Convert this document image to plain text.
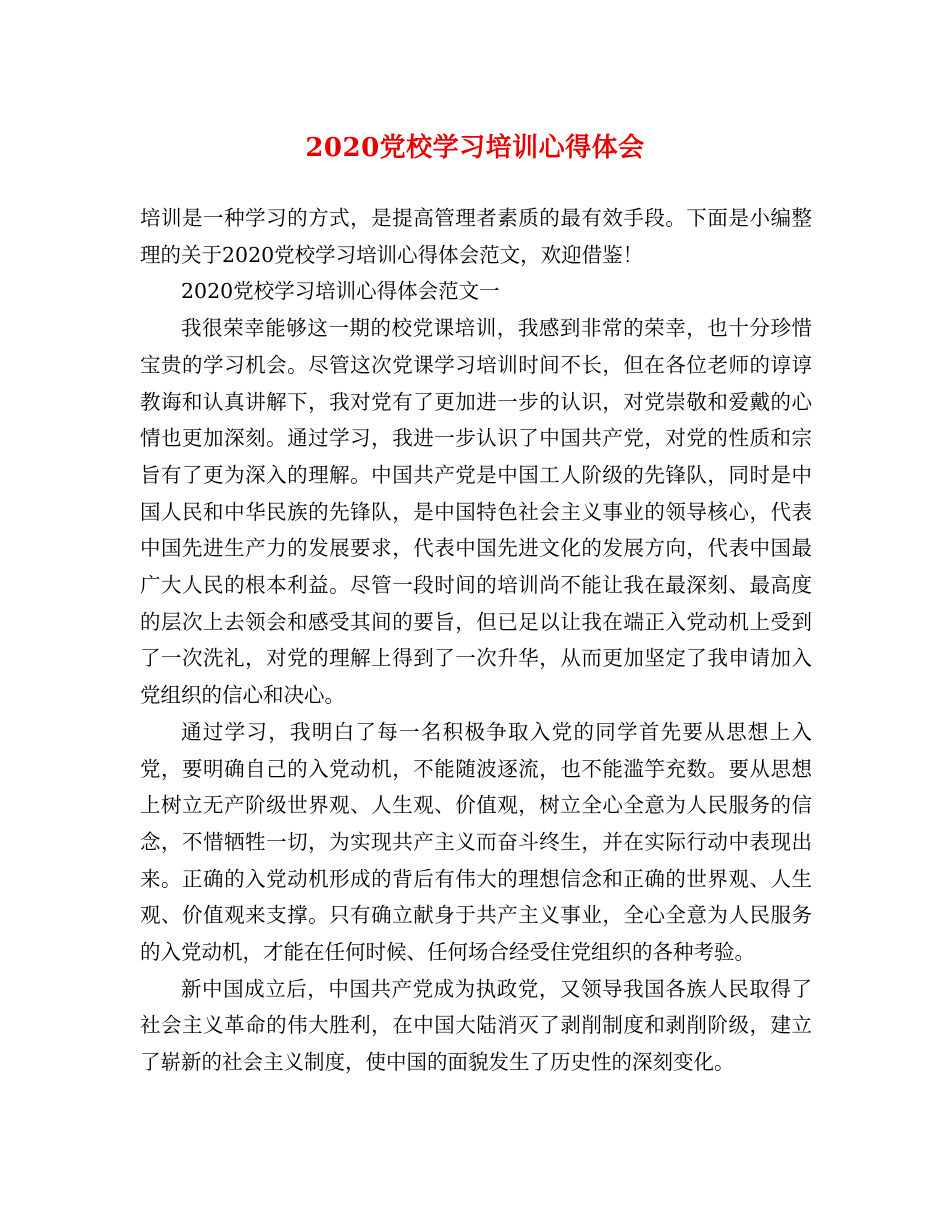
2020党校学习培训心得体会

培训是一种学习的方式，是提高管理者素质的最有效手段。下面是小编整理的关于2020党校学习培训心得体会范文，欢迎借鉴！

2020党校学习培训心得体会范文一

我很荣幸能够这一期的校党课培训，我感到非常的荣幸，也十分珍惜宝贵的学习机会。尽管这次党课学习培训时间不长，但在各位老师的谆谆教诲和认真讲解下，我对党有了更加进一步的认识，对党崇敬和爱戴的心情也更加深刻。通过学习，我进一步认识了中国共产党，对党的性质和宗旨有了更为深入的理解。中国共产党是中国工人阶级的先锋队，同时是中国人民和中华民族的先锋队，是中国特色社会主义事业的领导核心，代表中国先进生产力的发展要求，代表中国先进文化的发展方向，代表中国最广大人民的根本利益。尽管一段时间的培训尚不能让我在最深刻、最高度的层次上去领会和感受其间的要旨，但已足以让我在端正入党动机上受到了一次洗礼，对党的理解上得到了一次升华，从而更加坚定了我申请加入党组织的信心和决心。

通过学习，我明白了每一名积极争取入党的同学首先要从思想上入党，要明确自己的入党动机，不能随波逐流，也不能滥竽充数。要从思想上树立无产阶级世界观、人生观、价值观，树立全心全意为人民服务的信念，不惜牺牲一切，为实现共产主义而奋斗终生，并在实际行动中表现出来。正确的入党动机形成的背后有伟大的理想信念和正确的世界观、人生观、价值观来支撑。只有确立献身于共产主义事业，全心全意为人民服务的入党动机，才能在任何时候、任何场合经受住党组织的各种考验。

新中国成立后，中国共产党成为执政党，又领导我国各族人民取得了社会主义革命的伟大胜利，在中国大陆消灭了剥削制度和剥削阶级，建立了崭新的社会主义制度，使中国的面貌发生了历史性的深刻变化。
